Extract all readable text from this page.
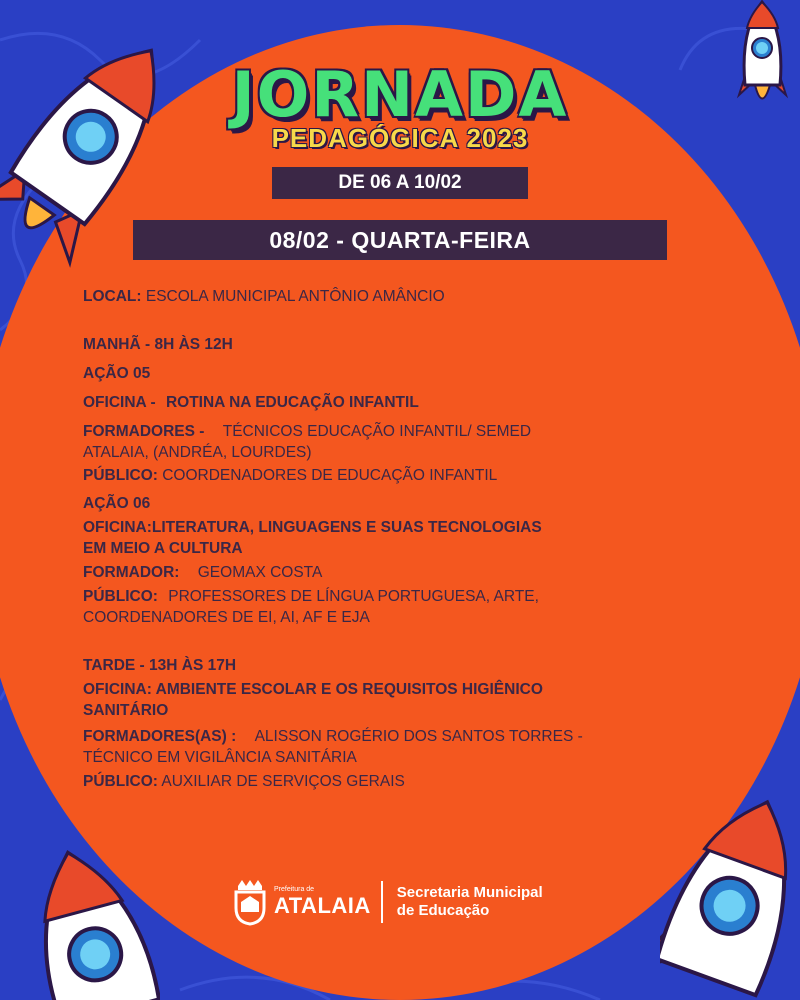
JORNADA
PEDAGÓGICA 2023
DE 06 A 10/02
08/02 - QUARTA-FEIRA
LOCAL: ESCOLA MUNICIPAL ANTÔNIO AMÂNCIO
MANHÃ - 8H ÀS 12H
AÇÃO 05
OFICINA - ROTINA NA EDUCAÇÃO INFANTIL
FORMADORES - TÉCNICOS EDUCAÇÃO INFANTIL/ SEMED
ATALAIA, (ANDRÉA, LOURDES)
PÚBLICO: COORDENADORES DE EDUCAÇÃO INFANTIL
AÇÃO 06
OFICINA:LITERATURA, LINGUAGENS E SUAS TECNOLOGIAS
EM MEIO A CULTURA
FORMADOR: GEOMAX COSTA
PÚBLICO: PROFESSORES DE LÍNGUA PORTUGUESA, ARTE,
COORDENADORES DE EI, AI, AF E EJA
TARDE - 13H ÀS 17H
OFICINA: AMBIENTE ESCOLAR E OS REQUISITOS HIGIÊNICO
SANITÁRIO
FORMADORES(AS) : ALISSON ROGÉRIO DOS SANTOS TORRES -
TÉCNICO EM VIGILÂNCIA SANITÁRIA
PÚBLICO: AUXILIAR DE SERVIÇOS GERAIS
Prefeitura de
ATALAIA Secretaria Municipal
de Educação
